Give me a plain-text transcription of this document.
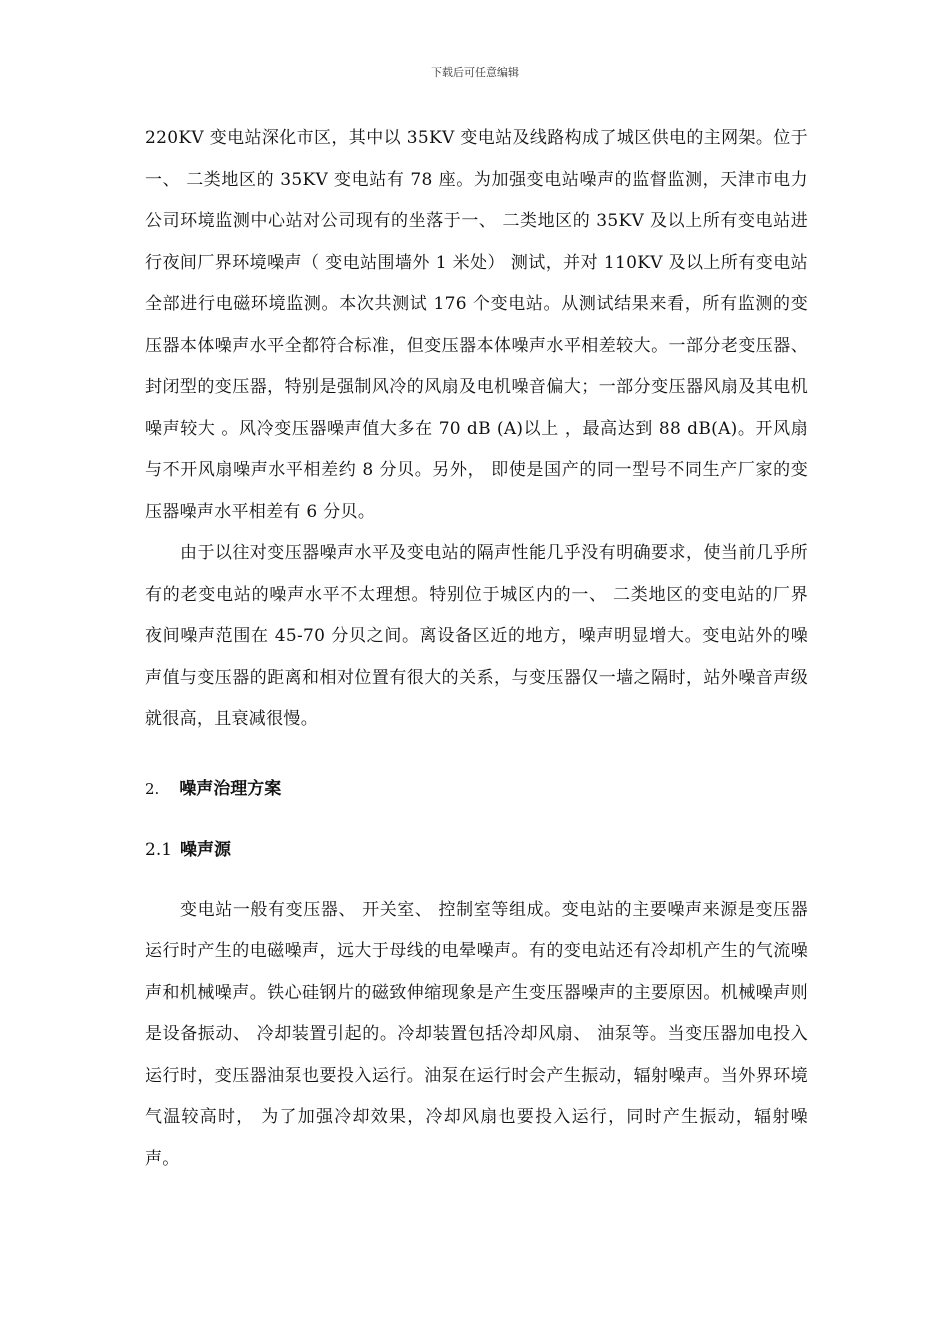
下载后可任意编辑

220KV 变电站深化市区，其中以 35KV 变电站及线路构成了城区供电的主网架。位于一、 二类地区的 35KV 变电站有 78 座。为加强变电站噪声的监督监测，天津市电力公司环境监测中心站对公司现有的坐落于一、 二类地区的 35KV 及以上所有变电站进行夜间厂界环境噪声（ 变电站围墙外 1 米处） 测试，并对 110KV 及以上所有变电站全部进行电磁环境监测。本次共测试 176 个变电站。从测试结果来看，所有监测的变压器本体噪声水平全都符合标准，但变压器本体噪声水平相差较大。一部分老变压器、 封闭型的变压器，特别是强制风冷的风扇及电机噪音偏大；一部分变压器风扇及其电机噪声较大 。风冷变压器噪声值大多在 70 dB (A)以上 ，最高达到 88 dB(A)。开风扇与不开风扇噪声水平相差约 8 分贝。另外， 即使是国产的同一型号不同生产厂家的变压器噪声水平相差有 6 分贝。

由于以往对变压器噪声水平及变电站的隔声性能几乎没有明确要求，使当前几乎所有的老变电站的噪声水平不太理想。特别位于城区内的一、 二类地区的变电站的厂界夜间噪声范围在 45-70 分贝之间。离设备区近的地方，噪声明显增大。变电站外的噪声值与变压器的距离和相对位置有很大的关系，与变压器仅一墙之隔时，站外噪音声级就很高，且衰减很慢。

2. 噪声治理方案
2.1 噪声源

变电站一般有变压器、 开关室、 控制室等组成。变电站的主要噪声来源是变压器运行时产生的电磁噪声，远大于母线的电晕噪声。有的变电站还有冷却机产生的气流噪声和机械噪声。铁心硅钢片的磁致伸缩现象是产生变压器噪声的主要原因。机械噪声则是设备振动、 冷却装置引起的。冷却装置包括冷却风扇、 油泵等。当变压器加电投入运行时，变压器油泵也要投入运行。油泵在运行时会产生振动，辐射噪声。当外界环境气温较高时， 为了加强冷却效果，冷却风扇也要投入运行，同时产生振动，辐射噪声。
